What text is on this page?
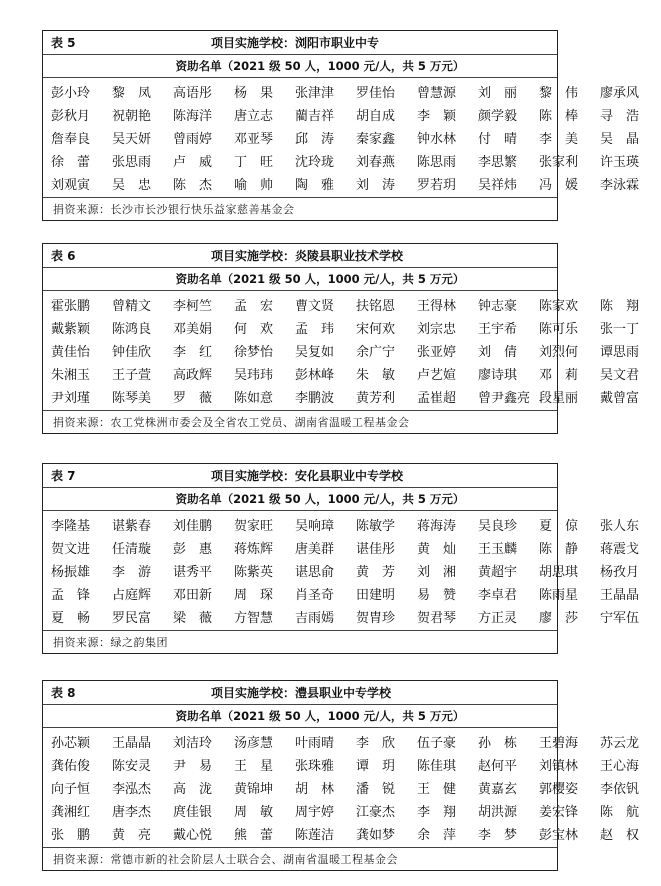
表 5	项目实施学校：浏阳市职业中专
资助名单（2021 级 50 人，1000 元/人，共 5 万元）
彭小玲	黎　凤	高语彤	杨　果	张津津	罗佳怡	曾慧源	刘　丽	黎　伟	廖承风
彭秋月	祝朝艳	陈海洋	唐立志	藺吉祥	胡自成	李　颖	颜学毅	陈　棒	寻　浩
詹奉良	吴天妍	曾雨婷	邓亚琴	邱　涛	秦家鑫	钟水林	付　晴	李　美	吴　晶
徐　蕾	张思雨	卢　威	丁　旺	沈玲珑	刘春燕	陈思雨	李思繁	张家利	许玉瑛
刘观寅	吴　忠	陈　杰	喻　帅	陶　雅	刘　涛	罗若玥	吴祥炜	冯　媛	李泳霖
捐资来源：长沙市长沙银行快乐益家慈善基金会
表 6	项目实施学校：炎陵县职业技术学校
资助名单（2021 级 50 人，1000 元/人，共 5 万元）
霍张鹏	曾精文	李柯竺	孟　宏	曹文贤	扶铭恩	王得林	钟志豪	陈家欢	陈　翔
戴紫颖	陈鸿良	邓美娟	何　欢	孟　玮	宋何欢	刘宗忠	王宇希	陈可乐	张一丁
黄佳怡	钟佳欣	李　红	徐梦怡	吴复如	余广宁	张亚婷	刘　倩	刘烈何	谭思雨
朱湘玉	王子萱	高政辉	吴玮玮	彭林峰	朱　敏	卢艺媗	廖诗琪	邓　莉	吴文君
尹刘瑾	陈琴美	罗　薇	陈如意	李鹏波	黄芳利	孟崔超	曾尹鑫亮 段星丽	戴曾富
捐资来源：农工党株洲市委会及全省农工党员、湖南省温暖工程基金会
表 7	项目实施学校：安化县职业中专学校
资助名单（2021 级 50 人，1000 元/人，共 5 万元）
李隆基	谌紫春	刘佳鹏	贺家旺	吴响璋	陈敏学	蒋海涛	吴良珍	夏　倞	张人东
贺文进	任清璇	彭　惠	蒋炼辉	唐美群	谌佳彤	黄　灿	王玉麟	陈　静	蒋震戈
杨振雄	李　游	谌秀平	陈紫英	谌思俞	黄　芳	刘　湘	黄超宇	胡思琪	杨孜月
孟　锋	占庭辉	邓田新	周　琛	肖圣奇	田建明	易　赞	李卓君	陈雨星	王晶晶
夏　畅	罗民富	梁　薇	方智慧	吉雨嫣	贺胄珍	贺君琴	方正灵	廖　莎	宁军伍
捐资来源：绿之韵集团
表 8	项目实施学校：澧县职业中专学校
资助名单（2021 级 50 人，1000 元/人，共 5 万元）
孙芯颖	王晶晶	刘洁玲	汤彦慧	叶雨晴	李　欣	伍子豪	孙　栋	王碧海	苏云龙
龚佑俊	陈安灵	尹　易	王　星	张珠雅	谭　玥	陈佳琪	赵何平	刘镇林	王心海
向子恒	李泓杰	高　泷	黄锦坤	胡　林	潘　锐	王　健	黄嘉玄	郭樱姿	李依钒
龚湘红	唐李杰	庹佳银	周　敏	周宇婷	江豪杰	李　翔	胡洪源	姜宏锋	陈　航
张　鹏	黄　亮	戴心悦	熊　蕾	陈莲洁	龚如梦	余　萍	李　梦	彭宝林	赵　权
捐资来源：常德市新的社会阶层人士联合会、湖南省温暖工程基金会
